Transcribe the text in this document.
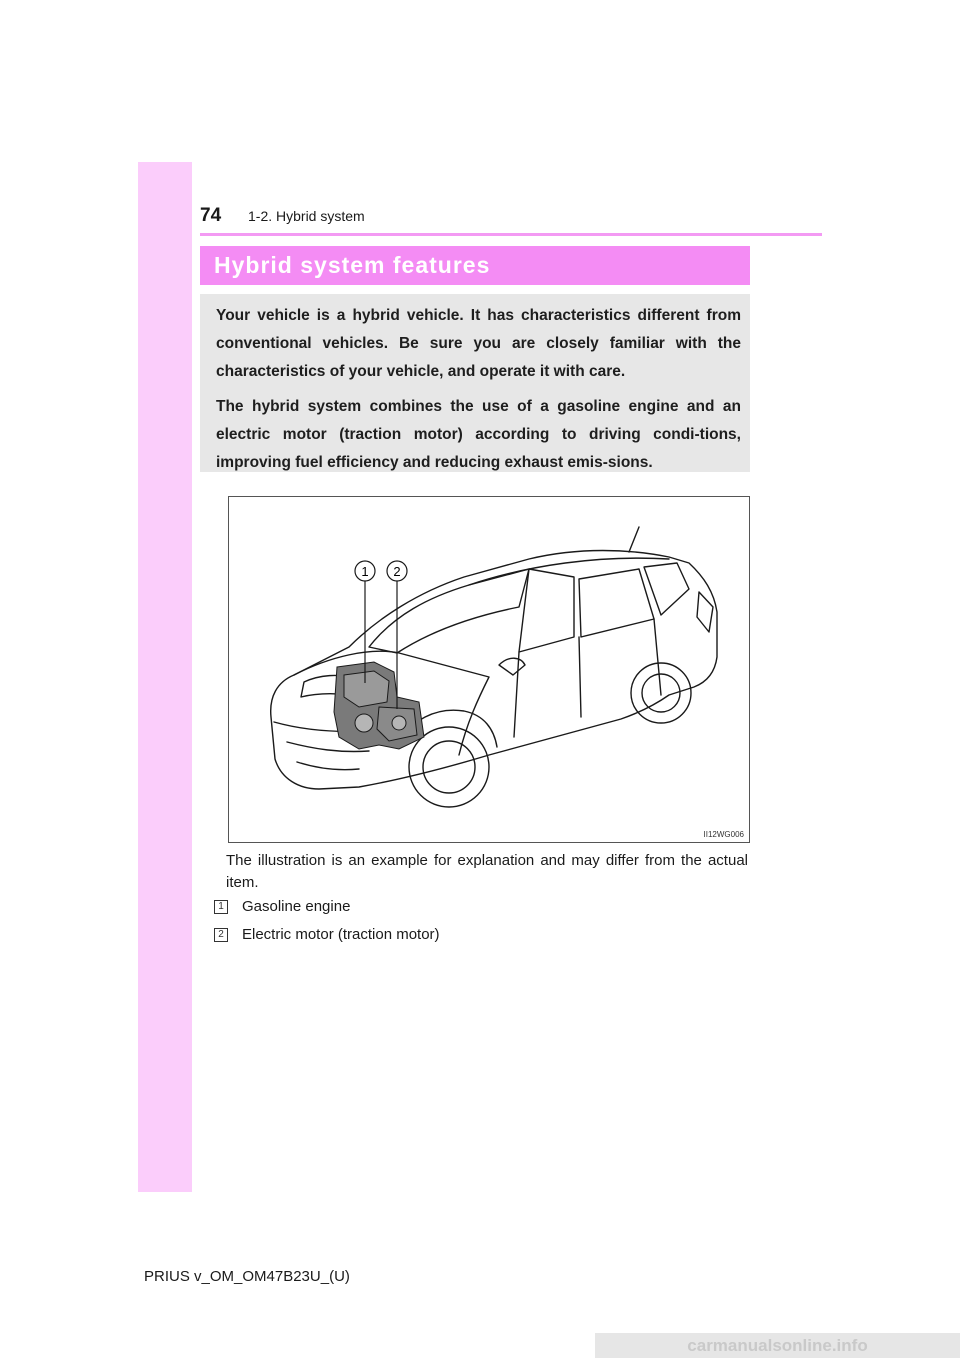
74 1-2. Hybrid system
Hybrid system features

Your vehicle is a hybrid vehicle. It has characteristics different from conventional vehicles. Be sure you are closely familiar with the characteristics of your vehicle, and operate it with care.

The hybrid system combines the use of a gasoline engine and an electric motor (traction motor) according to driving condi-tions, improving fuel efficiency and reducing exhaust emis-sions.

1 2
II12WG006
The illustration is an example for explanation and may differ from the actual item.
1 Gasoline engine
2 Electric motor (traction motor)
PRIUS v_OM_OM47B23U_(U)
carmanualsonline.info
